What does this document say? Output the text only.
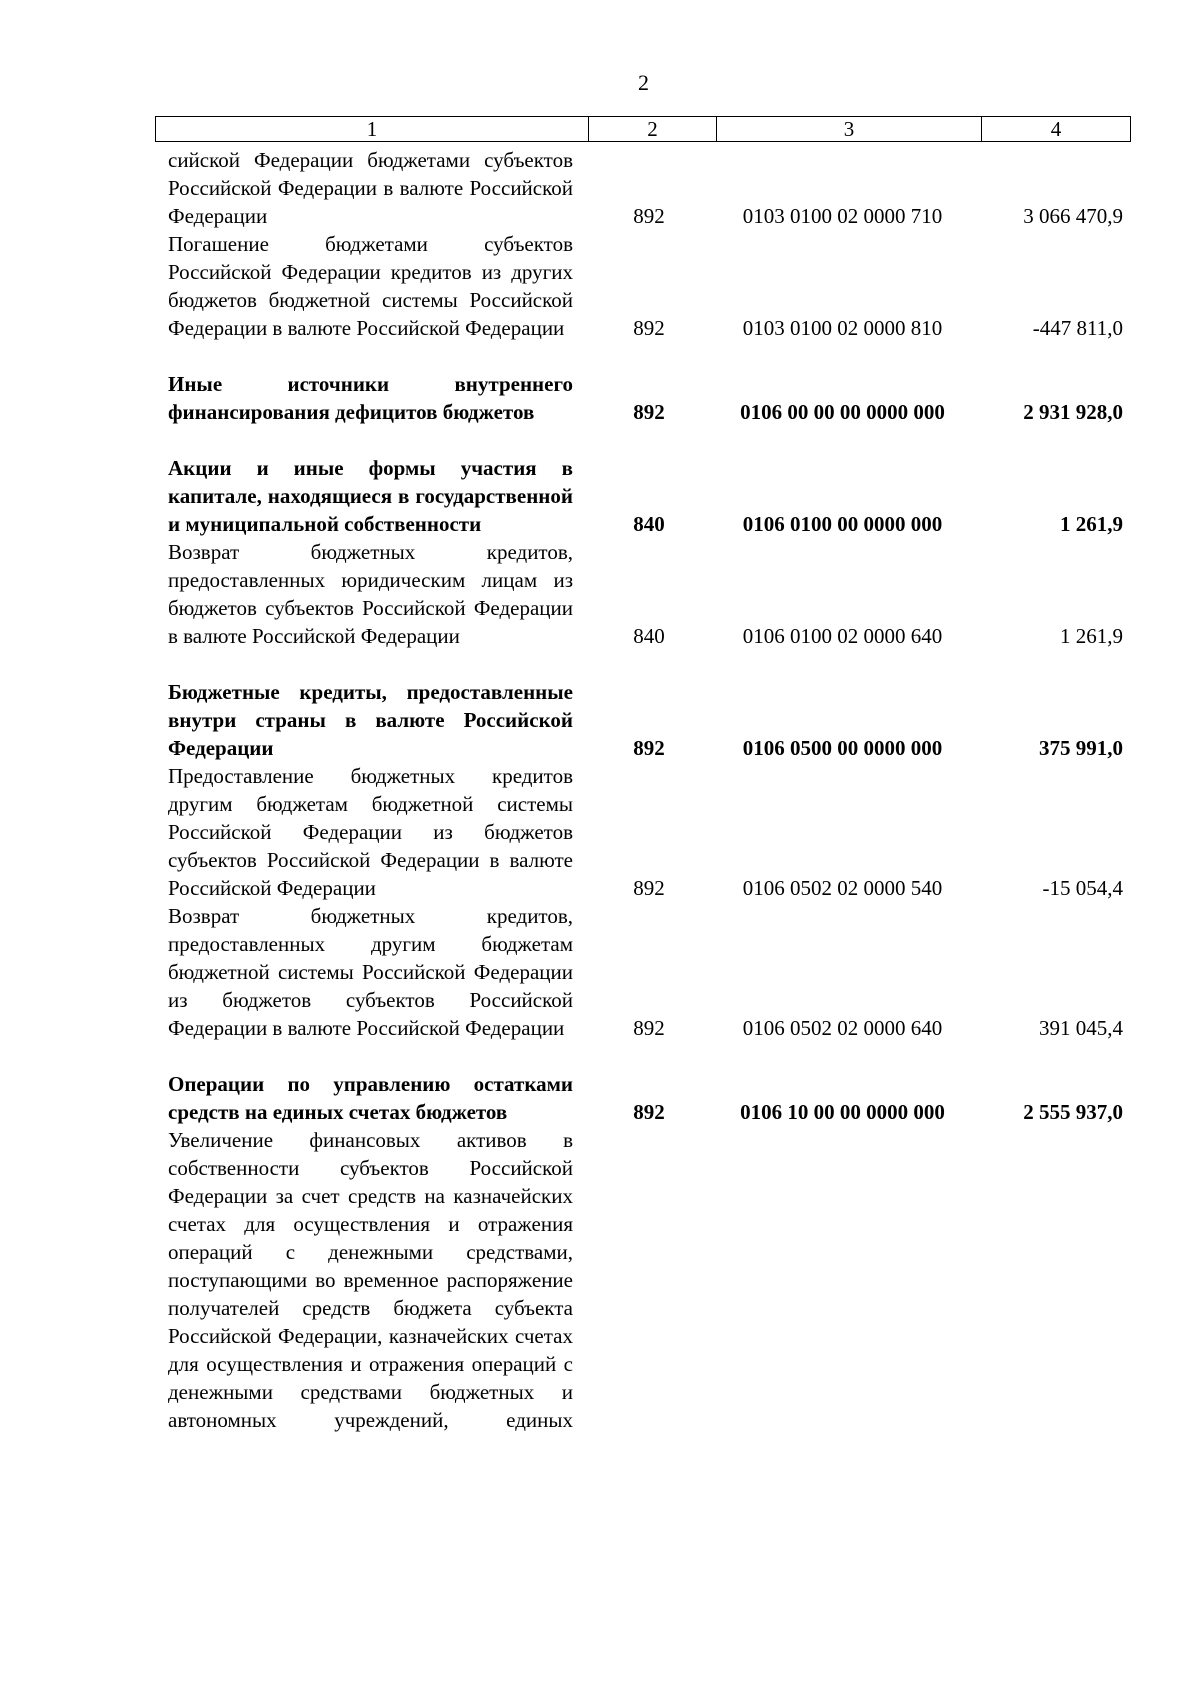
2
1	2	3	4
сийской Федерации бюджетами субъектов Российской Федерации в валюте Российской Федерации	892	0103 0100 02 0000 710	3 066 470,9
Погашение бюджетами субъектов Российской Федерации кредитов из других бюджетов бюджетной системы Российской Федерации в валюте Российской Федерации	892	0103 0100 02 0000 810	-447 811,0
Иные источники внутреннего финансирования дефицитов бюджетов	892	0106 00 00 00 0000 000	2 931 928,0
Акции и иные формы участия в капитале, находящиеся в государственной и муниципальной собственности	840	0106 0100 00 0000 000	1 261,9
Возврат бюджетных кредитов, предоставленных юридическим лицам из бюджетов субъектов Российской Федерации в валюте Российской Федерации	840	0106 0100 02 0000 640	1 261,9
Бюджетные кредиты, предоставленные внутри страны в валюте Российской Федерации	892	0106 0500 00 0000 000	375 991,0
Предоставление бюджетных кредитов другим бюджетам бюджетной системы Российской Федерации из бюджетов субъектов Российской Федерации в валюте Российской Федерации	892	0106 0502 02 0000 540	-15 054,4
Возврат бюджетных кредитов, предоставленных другим бюджетам бюджетной системы Российской Федерации из бюджетов субъектов Российской Федерации в валюте Российской Федерации	892	0106 0502 02 0000 640	391 045,4
Операции по управлению остатками средств на единых счетах бюджетов	892	0106 10 00 00 0000 000	2 555 937,0
Увеличение финансовых активов в собственности субъектов Российской Федерации за счет средств на казначейских счетах для осуществления и отражения операций с денежными средствами, поступающими во временное распоряжение получателей средств бюджета субъекта Российской Федерации, казначейских счетах для осуществления и отражения операций с денежными средствами бюджетных и автономных учреждений, единых
